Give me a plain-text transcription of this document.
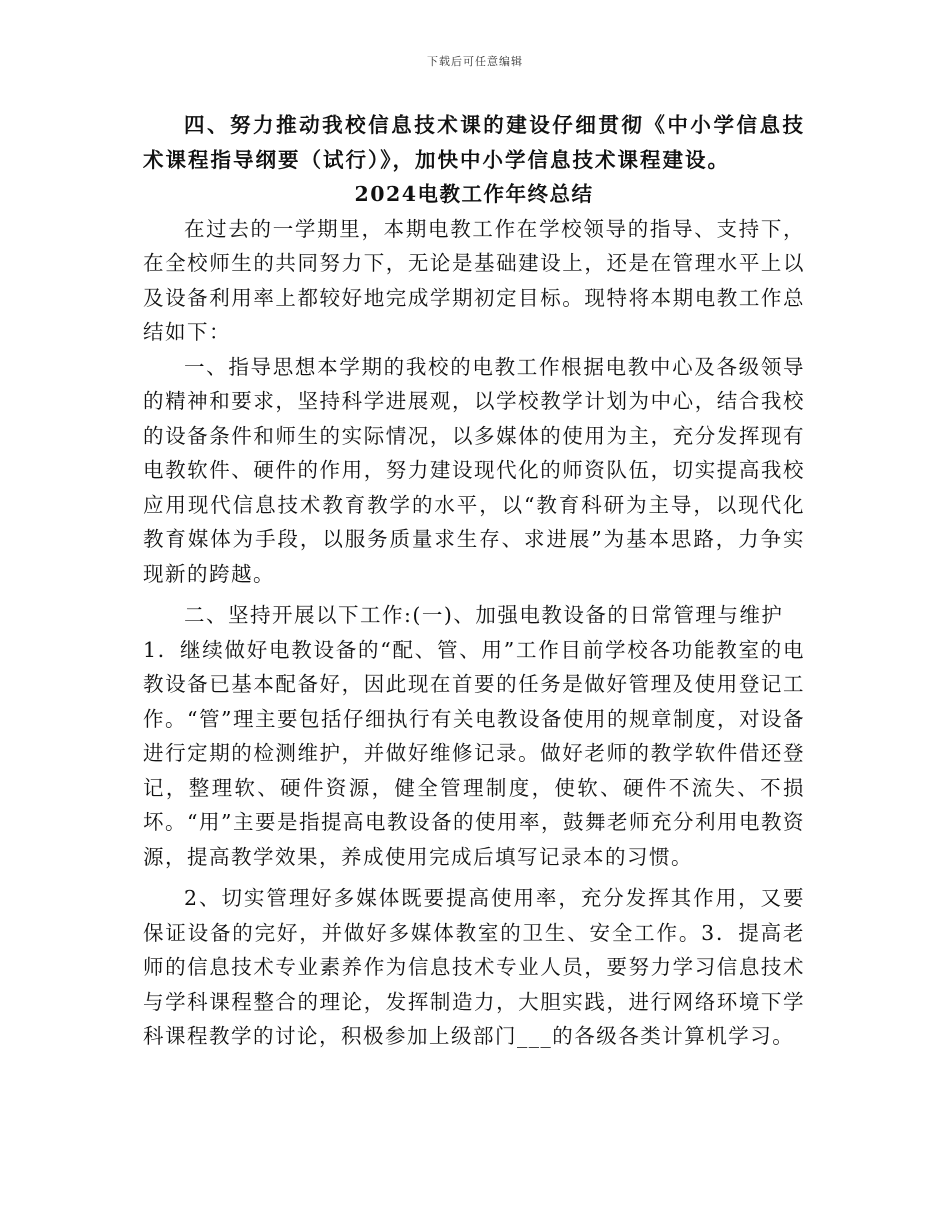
下载后可任意编辑

四、努力推动我校信息技术课的建设仔细贯彻《中小学信息技术课程指导纲要（试行）》，加快中小学信息技术课程建设。

2024电教工作年终总结

在过去的一学期里，本期电教工作在学校领导的指导、支持下，在全校师生的共同努力下，无论是基础建设上，还是在管理水平上以及设备利用率上都较好地完成学期初定目标。现特将本期电教工作总结如下：

一、指导思想本学期的我校的电教工作根据电教中心及各级领导的精神和要求，坚持科学进展观，以学校教学计划为中心，结合我校的设备条件和师生的实际情况，以多媒体的使用为主，充分发挥现有电教软件、硬件的作用，努力建设现代化的师资队伍，切实提高我校应用现代信息技术教育教学的水平，以“教育科研为主导，以现代化教育媒体为手段，以服务质量求生存、求进展”为基本思路，力争实现新的跨越。

二、坚持开展以下工作:(一)、加强电教设备的日常管理与维护

1．继续做好电教设备的“配、管、用”工作目前学校各功能教室的电教设备已基本配备好，因此现在首要的任务是做好管理及使用登记工作。“管”理主要包括仔细执行有关电教设备使用的规章制度，对设备进行定期的检测维护，并做好维修记录。做好老师的教学软件借还登记，整理软、硬件资源，健全管理制度，使软、硬件不流失、不损坏。“用”主要是指提高电教设备的使用率，鼓舞老师充分利用电教资源，提高教学效果，养成使用完成后填写记录本的习惯。

2、切实管理好多媒体既要提高使用率，充分发挥其作用，又要保证设备的完好，并做好多媒体教室的卫生、安全工作。3．提高老师的信息技术专业素养作为信息技术专业人员，要努力学习信息技术与学科课程整合的理论，发挥制造力，大胆实践，进行网络环境下学科课程教学的讨论，积极参加上级部门___的各级各类计算机学习。
